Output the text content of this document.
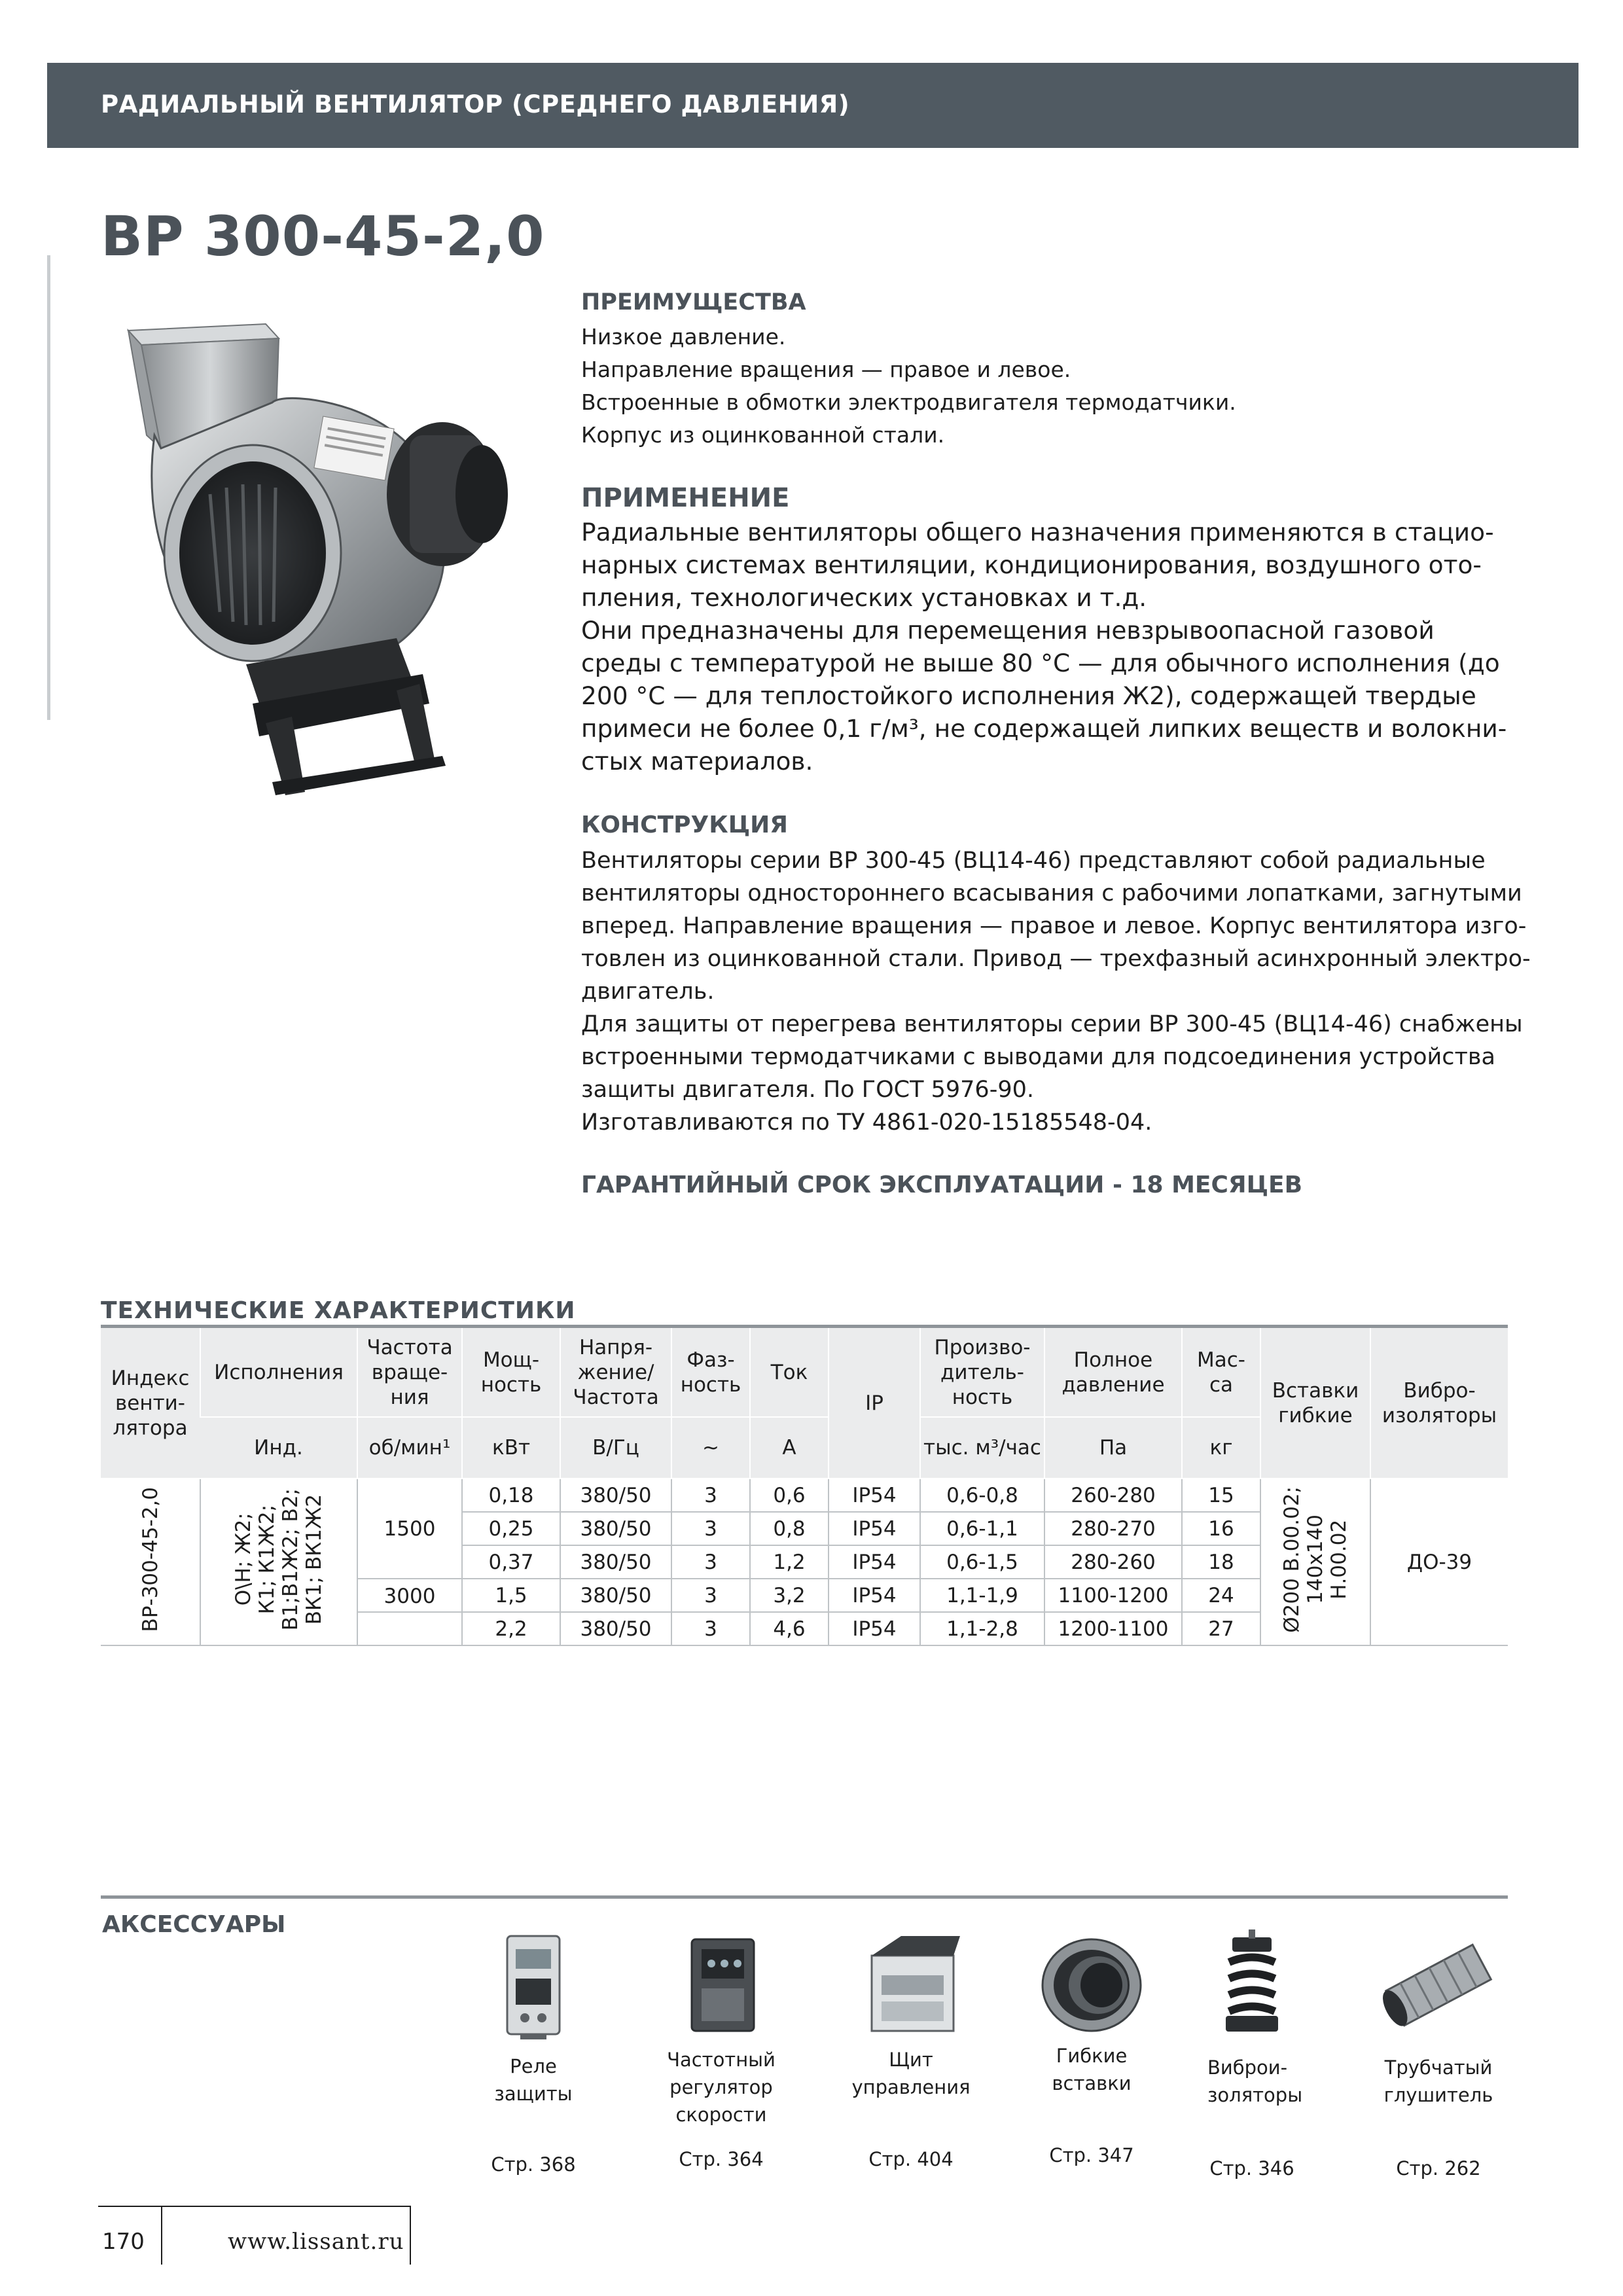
РАДИАЛЬНЫЙ ВЕНТИЛЯТОР (СРЕДНЕГО ДАВЛЕНИЯ)
ВР 300-45-2,0
ПРЕИМУЩЕСТВА
Низкое давление.
Направление вращения — правое и левое.
Встроенные в обмотки электродвигателя термодатчики.
Корпус из оцинкованной стали.
ПРИМЕНЕНИЕ
Радиальные вентиляторы общего назначения применяются в стацио-
нарных системах вентиляции, кондиционирования, воздушного ото-
пления, технологических установках и т.д.
Они предназначены для перемещения невзрывоопасной газовой
среды с температурой не выше 80 °С — для обычного исполнения (до
200 °С — для теплостойкого исполнения Ж2), содержащей твердые
примеси не более 0,1 г/м³, не содержащей липких веществ и волокни-
стых материалов.
КОНСТРУКЦИЯ
Вентиляторы серии ВР 300-45 (ВЦ14-46) представляют собой радиальные
вентиляторы одностороннего всасывания с рабочими лопатками, загнутыми
вперед. Направление вращения — правое и левое. Корпус вентилятора изго-
товлен из оцинкованной стали. Привод — трехфазный асинхронный электро-
двигатель.
Для защиты от перегрева вентиляторы серии ВР 300-45 (ВЦ14-46) снабжены
встроенными термодатчиками с выводами для подсоединения устройства
защиты двигателя. По ГОСТ 5976-90.
Изготавливаются по ТУ 4861-020-15185548-04.
ГАРАНТИЙНЫЙ СРОК ЭКСПЛУАТАЦИИ - 18 МЕСЯЦЕВ
ТЕХНИЧЕСКИЕ ХАРАКТЕРИСТИКИ
Индекс венти- лятора	Исполнения	Частота враще- ния	Мощ- ность	Напря- жение/ Частота	Фаз- ность	Ток	IP	Произво- дитель- ность	Полное давление	Мас- са	Вставки гибкие	Вибро- изоляторы
	Инд.	об/мин¹	кВт	В/Гц	~	А		тыс. м³/час	Па	кг		
ВР-300-45-2,0	О\Н; Ж2;
К1; К1Ж2;
В1;В1Ж2; В2;
ВК1; ВК1Ж2	1500	0,18	380/50	3	0,6	IP54	0,6-0,8	260-280	15	Ø200 В.00.02;
140х140
Н.00.02	ДО-39
			0,25	380/50	3	0,8	IP54	0,6-1,1	280-270	16		
			0,37	380/50	3	1,2	IP54	0,6-1,5	280-260	18		
		3000	1,5	380/50	3	3,2	IP54	1,1-1,9	1100-1200	24		
			2,2	380/50	3	4,6	IP54	1,1-2,8	1200-1100	27		
АКСЕССУАРЫ
Реле
защиты
Стр. 368
Частотный
регулятор
скорости
Стр. 364
Щит
управления
Стр. 404
Гибкие
вставки
Стр. 347
Виброи-
золяторы
Стр. 346
Трубчатый
глушитель
Стр. 262
170	www.lissant.ru
